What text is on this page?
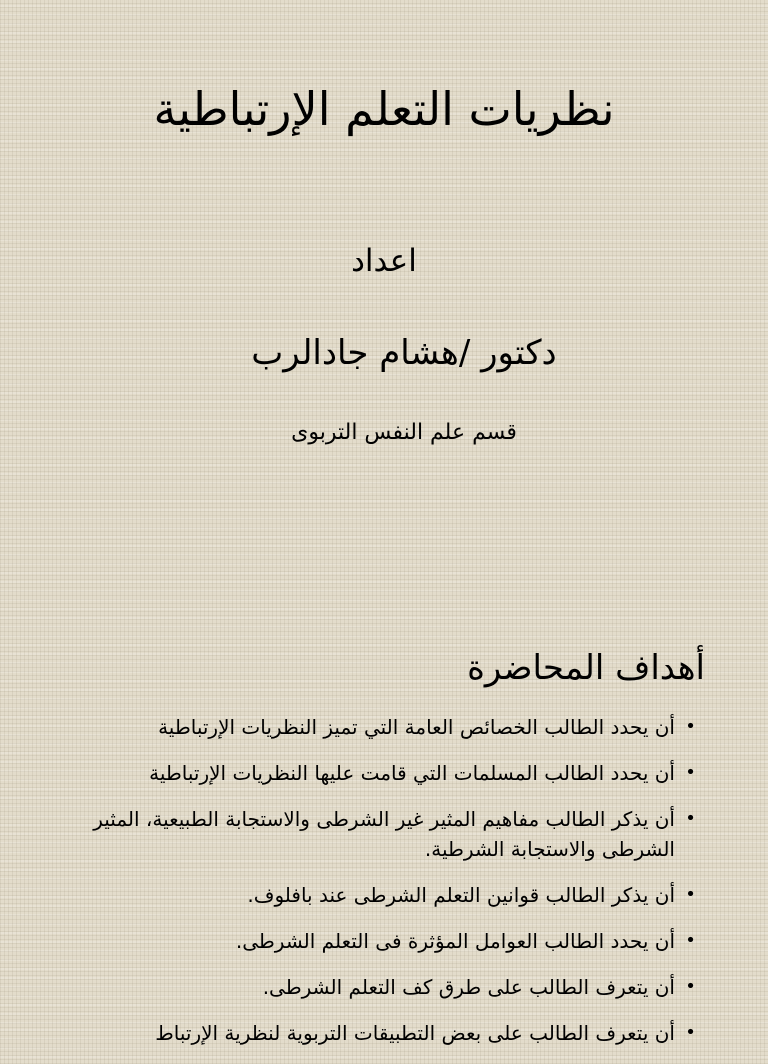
نظريات التعلم الإرتباطية
اعداد
دكتور /هشام جادالرب
قسم علم النفس التربوى
أهداف المحاضرة
•
أن يحدد الطالب الخصائص العامة التي تميز النظريات الإرتباطية
•
أن يحدد الطالب المسلمات التي قامت عليها النظريات الإرتباطية
•
أن يذكر الطالب مفاهيم المثير غير الشرطى والاستجابة الطبيعية، المثير الشرطى والاستجابة الشرطية.
•
أن يذكر الطالب قوانين التعلم الشرطى عند بافلوف.
•
أن يحدد الطالب العوامل المؤثرة فى التعلم الشرطى.
•
أن يتعرف الطالب على طرق كف التعلم الشرطى.
•
أن يتعرف الطالب على بعض التطبيقات التربوية لنظرية الإرتباط
